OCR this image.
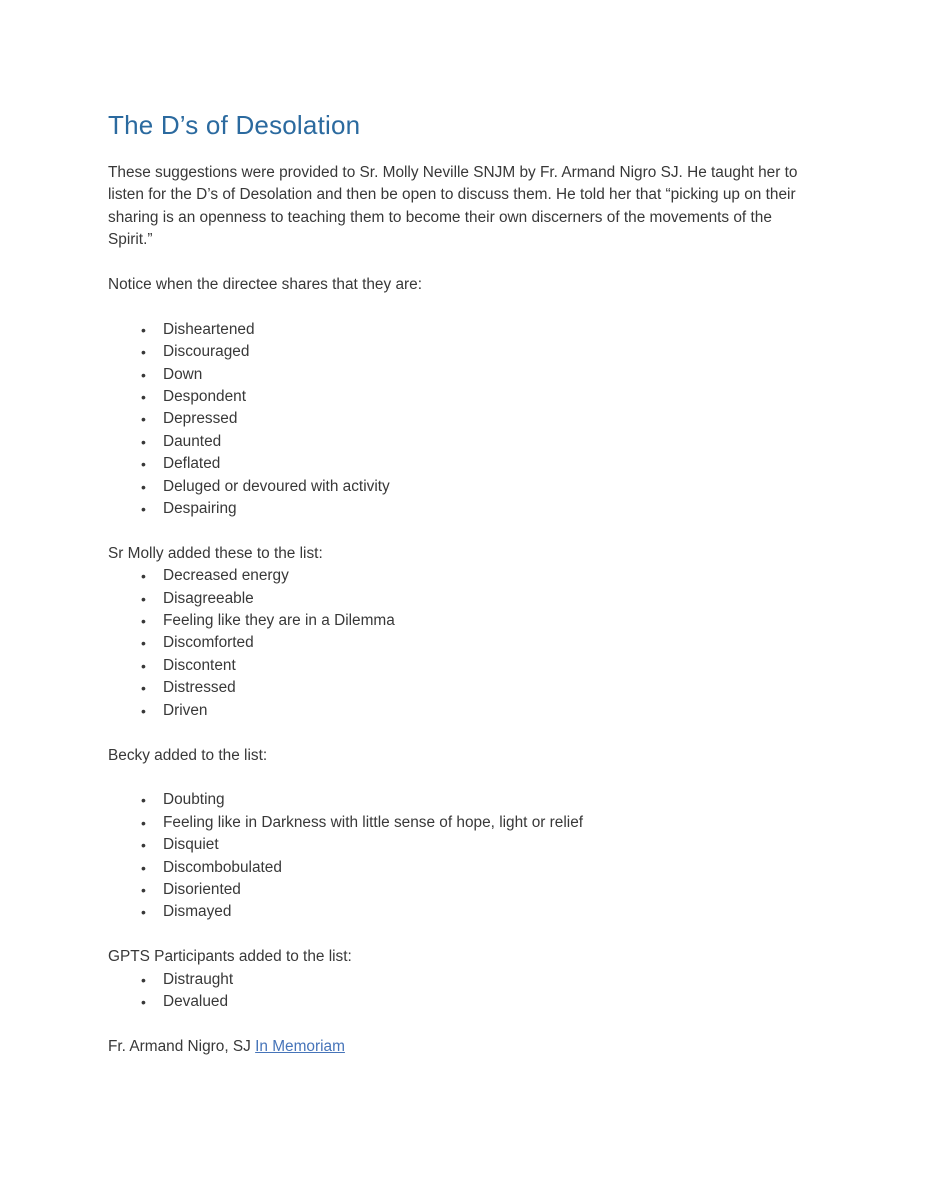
The D’s of Desolation

These suggestions were provided to Sr. Molly Neville SNJM by Fr. Armand Nigro SJ. He taught her to listen for the D’s of Desolation and then be open to discuss them. He told her that “picking up on their sharing is an openness to teaching them to become their own discerners of the movements of the Spirit.”

Notice when the directee shares that they are:

• Disheartened
• Discouraged
• Down
• Despondent
• Depressed
• Daunted
• Deflated
• Deluged or devoured with activity
• Despairing

Sr Molly added these to the list:

• Decreased energy
• Disagreeable
• Feeling like they are in a Dilemma
• Discomforted
• Discontent
• Distressed
• Driven

Becky added to the list:

• Doubting
• Feeling like in Darkness with little sense of hope, light or relief
• Disquiet
• Discombobulated
• Disoriented
• Dismayed

GPTS Participants added to the list:

• Distraught
• Devalued

Fr. Armand Nigro, SJ In Memoriam
